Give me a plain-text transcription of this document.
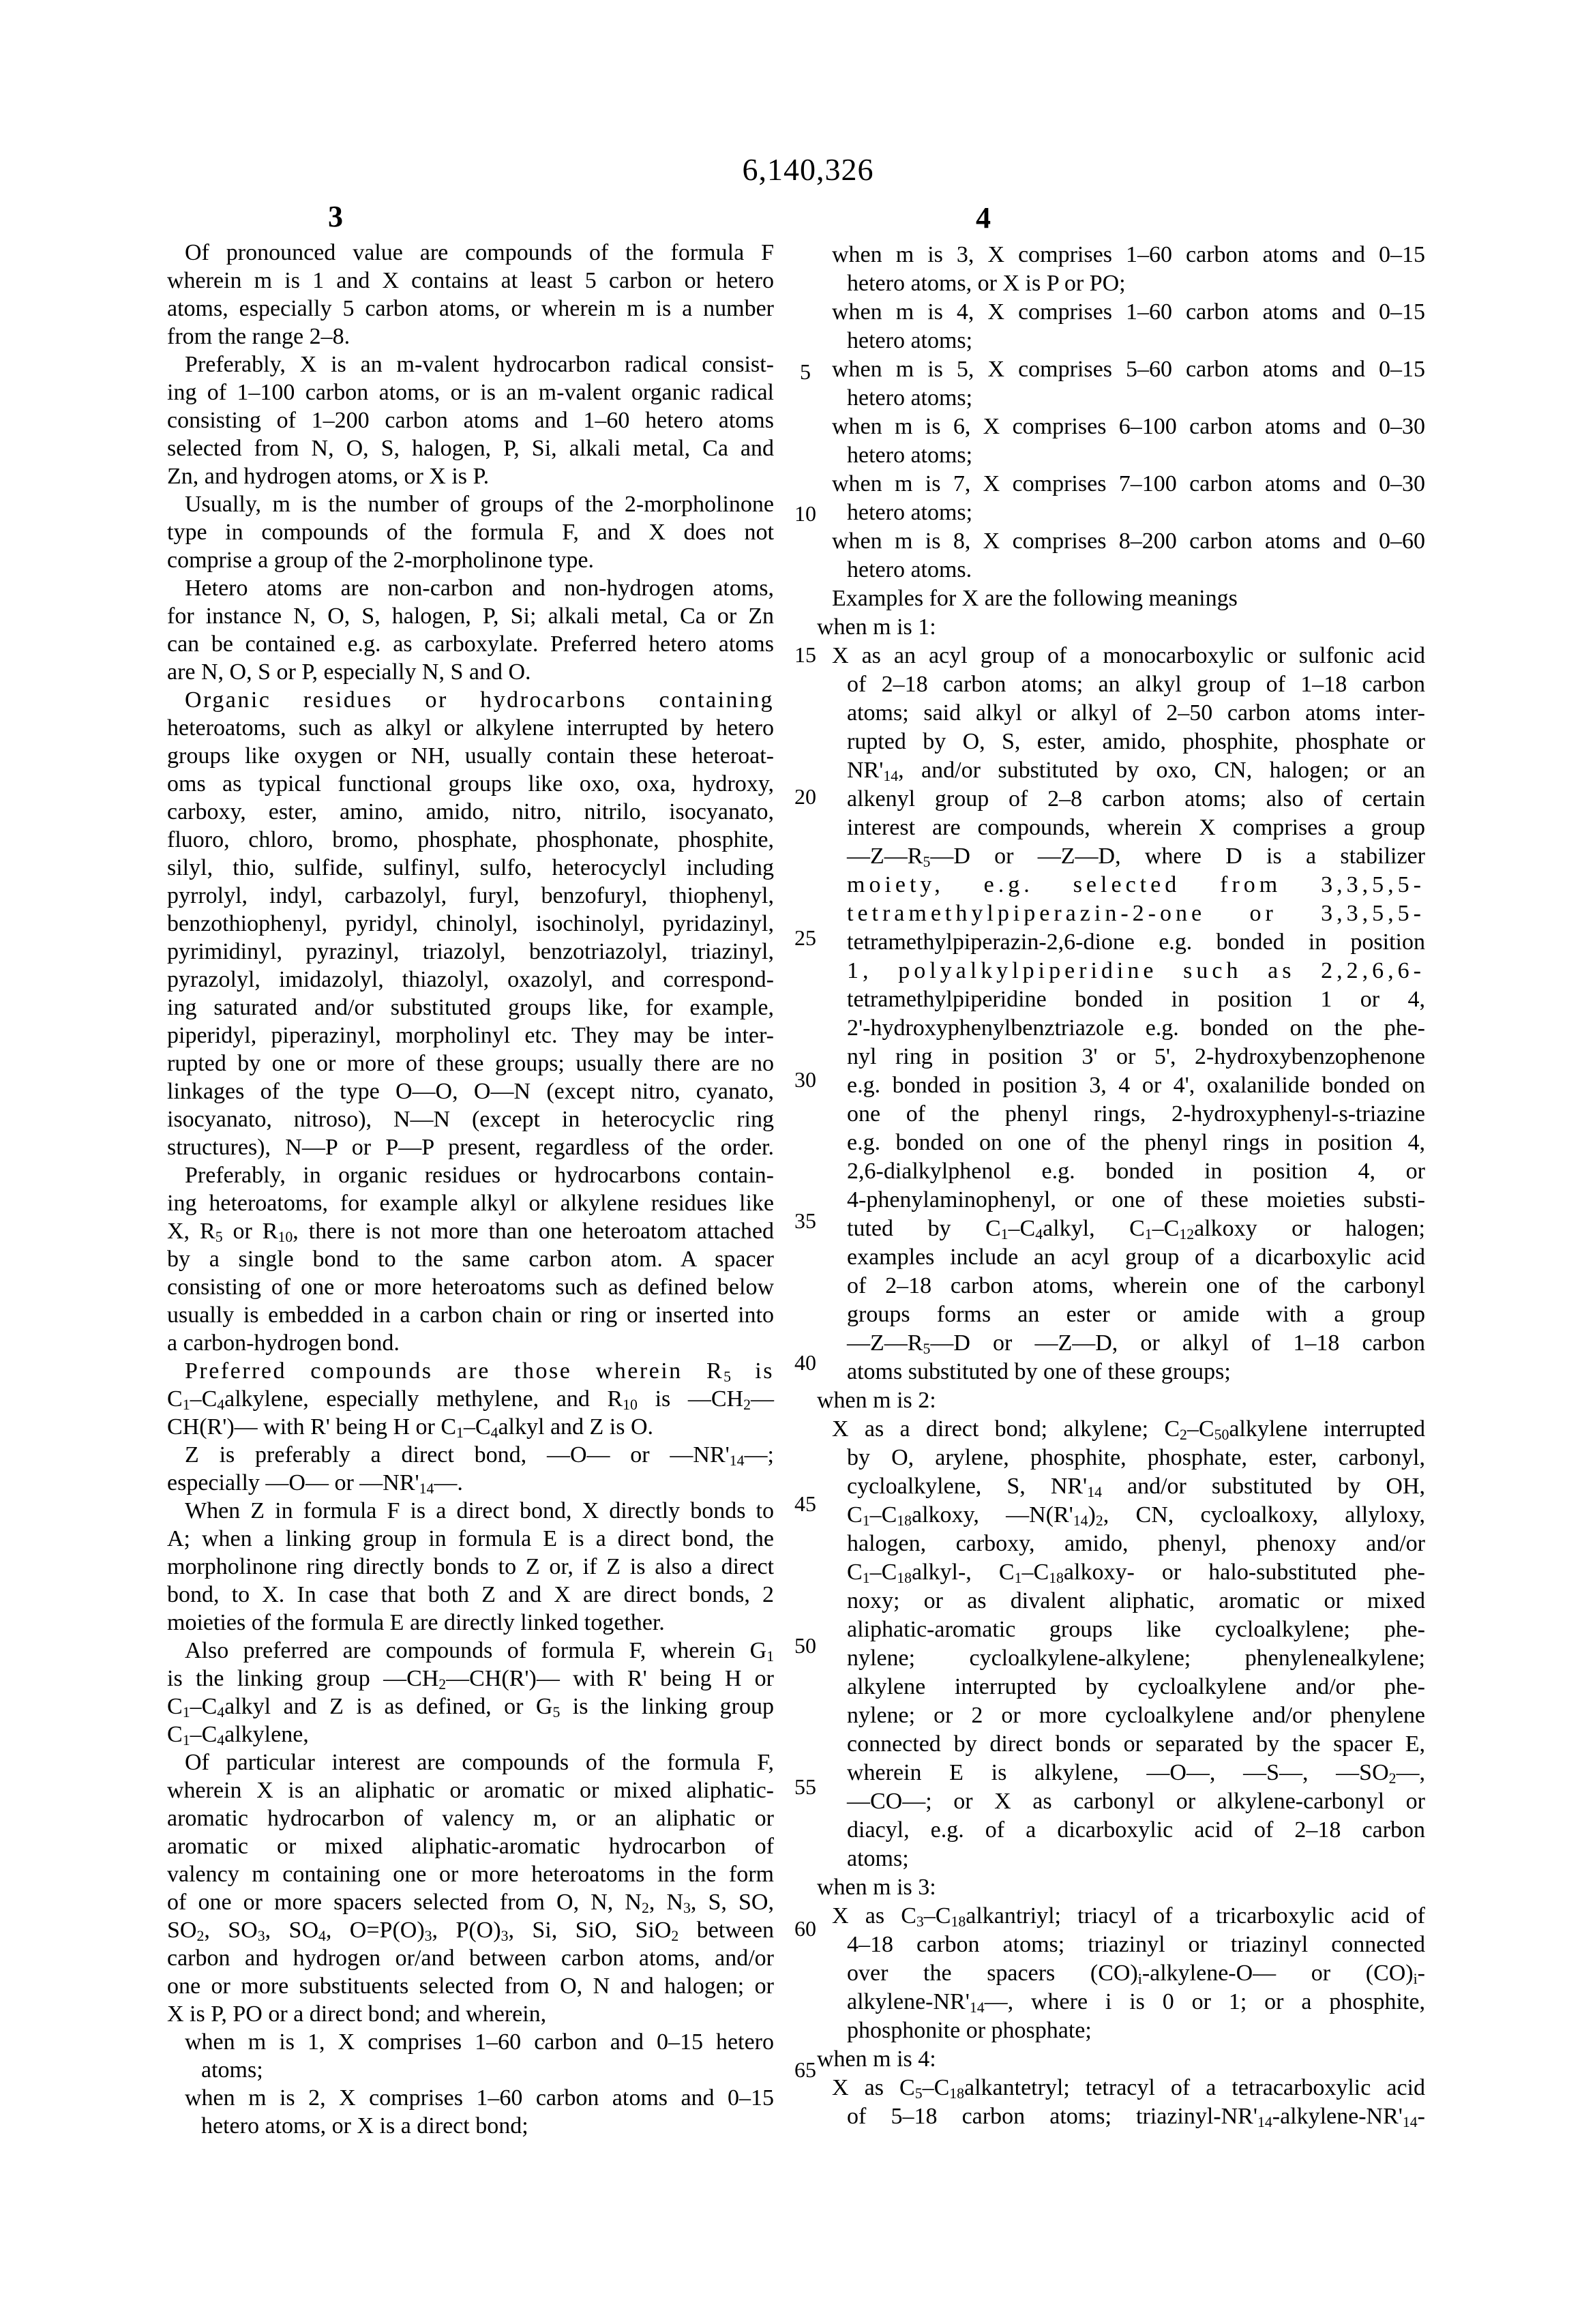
6,140,326
3	4
Of pronounced value are compounds of the formula F
wherein m is 1 and X contains at least 5 carbon or hetero
atoms, especially 5 carbon atoms, or wherein m is a number
from the range 2–8.
Preferably, X is an m-valent hydrocarbon radical consist-
ing of 1–100 carbon atoms, or is an m-valent organic radical
consisting of 1–200 carbon atoms and 1–60 hetero atoms
selected from N, O, S, halogen, P, Si, alkali metal, Ca and
Zn, and hydrogen atoms, or X is P.
Usually, m is the number of groups of the 2-morpholinone
type in compounds of the formula F, and X does not
comprise a group of the 2-morpholinone type.
Hetero atoms are non-carbon and non-hydrogen atoms,
for instance N, O, S, halogen, P, Si; alkali metal, Ca or Zn
can be contained e.g. as carboxylate. Preferred hetero atoms
are N, O, S or P, especially N, S and O.
Organic residues or hydrocarbons containing
heteroatoms, such as alkyl or alkylene interrupted by hetero
groups like oxygen or NH, usually contain these heteroat-
oms as typical functional groups like oxo, oxa, hydroxy,
carboxy, ester, amino, amido, nitro, nitrilo, isocyanato,
fluoro, chloro, bromo, phosphate, phosphonate, phosphite,
silyl, thio, sulfide, sulfinyl, sulfo, heterocyclyl including
pyrrolyl, indyl, carbazolyl, furyl, benzofuryl, thiophenyl,
benzothiophenyl, pyridyl, chinolyl, isochinolyl, pyridazinyl,
pyrimidinyl, pyrazinyl, triazolyl, benzotriazolyl, triazinyl,
pyrazolyl, imidazolyl, thiazolyl, oxazolyl, and correspond-
ing saturated and/or substituted groups like, for example,
piperidyl, piperazinyl, morpholinyl etc. They may be inter-
rupted by one or more of these groups; usually there are no
linkages of the type O—O, O—N (except nitro, cyanato,
isocyanato, nitroso), N—N (except in heterocyclic ring
structures), N—P or P—P present, regardless of the order.
Preferably, in organic residues or hydrocarbons contain-
ing heteroatoms, for example alkyl or alkylene residues like
X, $R_5$ or $R_{10}$, there is not more than one heteroatom attached
by a single bond to the same carbon atom. A spacer
consisting of one or more heteroatoms such as defined below
usually is embedded in a carbon chain or ring or inserted into
a carbon-hydrogen bond.
Preferred compounds are those wherein $R_5$ is
$C_1-C_4alkylene$, especially methylene, and $R_{10}$ is $—CH_2—$
CH(R')— with R' being H or $C_1-C_4alkyl$ and Z is O.
Z is preferably a direct bond, —O— or $—NR'_{14}—$;
especially —O— or $—NR'_{14}—$.
When Z in formula F is a direct bond, X directly bonds to
A; when a linking group in formula E is a direct bond, the
morpholinone ring directly bonds to Z or, if Z is also a direct
bond, to X. In case that both Z and X are direct bonds, 2
moieties of the formula E are directly linked together.
Also preferred are compounds of formula F, wherein $G_1$
is the linking group $—CH_2—CH(R')—$ with R' being H or
$C_1-C_4alkyl$ and Z is as defined, or $G_5$ is the linking group
$C_1-C_4alkylene$,
Of particular interest are compounds of the formula F,
wherein X is an aliphatic or aromatic or mixed aliphatic-
aromatic hydrocarbon of valency m, or an aliphatic or
aromatic or mixed aliphatic-aromatic hydrocarbon of
valency m containing one or more heteroatoms in the form
of one or more spacers selected from O, N, $N_2$, $N_3$, S, SO,
$SO_2$, $SO_3$, $SO_4$, $O=P(O)_3$, $P(O)_3$, Si, SiO, SiO$_2$ between
carbon and hydrogen or/and between carbon atoms, and/or
one or more substituents selected from O, N and halogen; or
X is P, PO or a direct bond; and wherein,
when m is 1, X comprises 1–60 carbon and 0–15 hetero
atoms;
when m is 2, X comprises 1–60 carbon atoms and 0–15
hetero atoms, or X is a direct bond;
when m is 3, X comprises 1–60 carbon atoms and 0–15
hetero atoms, or X is P or PO;
when m is 4, X comprises 1–60 carbon atoms and 0–15
hetero atoms;
when m is 5, X comprises 5–60 carbon atoms and 0–15
hetero atoms;
when m is 6, X comprises 6–100 carbon atoms and 0–30
hetero atoms;
when m is 7, X comprises 7–100 carbon atoms and 0–30
hetero atoms;
when m is 8, X comprises 8–200 carbon atoms and 0–60
hetero atoms.
Examples for X are the following meanings
when m is 1:
X as an acyl group of a monocarboxylic or sulfonic acid
of 2–18 carbon atoms; an alkyl group of 1–18 carbon
atoms; said alkyl or alkyl of 2–50 carbon atoms inter-
rupted by O, S, ester, amido, phosphite, phosphate or
$NR'_{14}$, and/or substituted by oxo, CN, halogen; or an
alkenyl group of 2–8 carbon atoms; also of certain
interest are compounds, wherein X comprises a group
$—Z—R_5—D$ or —Z—D, where D is a stabilizer
moiety, e.g. selected from 3,3,5,5-
tetramethylpiperazin-2-one or 3,3,5,5-
tetramethylpiperazin-2,6-dione e.g. bonded in position
1, polyalkylpiperidine such as 2,2,6,6-
tetramethylpiperidine bonded in position 1 or 4,
2'-hydroxyphenylbenztriazole e.g. bonded on the phe-
nyl ring in position 3' or 5', 2-hydroxybenzophenone
e.g. bonded in position 3, 4 or 4', oxalanilide bonded on
one of the phenyl rings, 2-hydroxyphenyl-s-triazine
e.g. bonded on one of the phenyl rings in position 4,
2,6-dialkylphenol e.g. bonded in position 4, or
4-phenylaminophenyl, or one of these moieties substi-
tuted by $C_1-C_4alkyl$, $C_1-C_{12}alkoxy$ or halogen;
examples include an acyl group of a dicarboxylic acid
of 2–18 carbon atoms, wherein one of the carbonyl
groups forms an ester or amide with a group
$—Z—R_5—D$ or —Z—D, or alkyl of 1–18 carbon
atoms substituted by one of these groups;
when m is 2:
X as a direct bond; alkylene; $C_2-C_{50}alkylene$ interrupted
by O, arylene, phosphite, phosphate, ester, carbonyl,
cycloalkylene, S, $NR'_{14}$ and/or substituted by OH,
$C_1-C_{18}alkoxy$, $—N(R'_{14})_2$, CN, cycloalkoxy, allyloxy,
halogen, carboxy, amido, phenyl, phenoxy and/or
$C_1-C_{18}alkyl-$, $C_1-C_{18}alkoxy-$ or halo-substituted phe-
noxy; or as divalent aliphatic, aromatic or mixed
aliphatic-aromatic groups like cycloalkylene; phe-
nylene; cycloalkylene-alkylene; phenylenealkylene;
alkylene interrupted by cycloalkylene and/or phe-
nylene; or 2 or more cycloalkylene and/or phenylene
connected by direct bonds or separated by the spacer E,
wherein E is alkylene, —O—, —S—, $—SO_2—$,
—CO—; or X as carbonyl or alkylene-carbonyl or
diacyl, e.g. of a dicarboxylic acid of 2–18 carbon
atoms;
when m is 3:
X as $C_3-C_{18}alkantriyl$; triacyl of a tricarboxylic acid of
4–18 carbon atoms; triazinyl or triazinyl connected
over the spacers $(CO)_i-alkylene-O—$ or $(CO)_i-$
alkylene-$NR'_{14}—$, where i is 0 or 1; or a phosphite,
phosphonite or phosphate;
when m is 4:
X as $C_5-C_{18}alkantetryl$; tetracyl of a tetracarboxylic acid
of 5–18 carbon atoms; triazinyl-$NR'_{14}-alkylene-NR'_{14}-$
5
10
15
20
25
30
35
40
45
50
55
60
65
